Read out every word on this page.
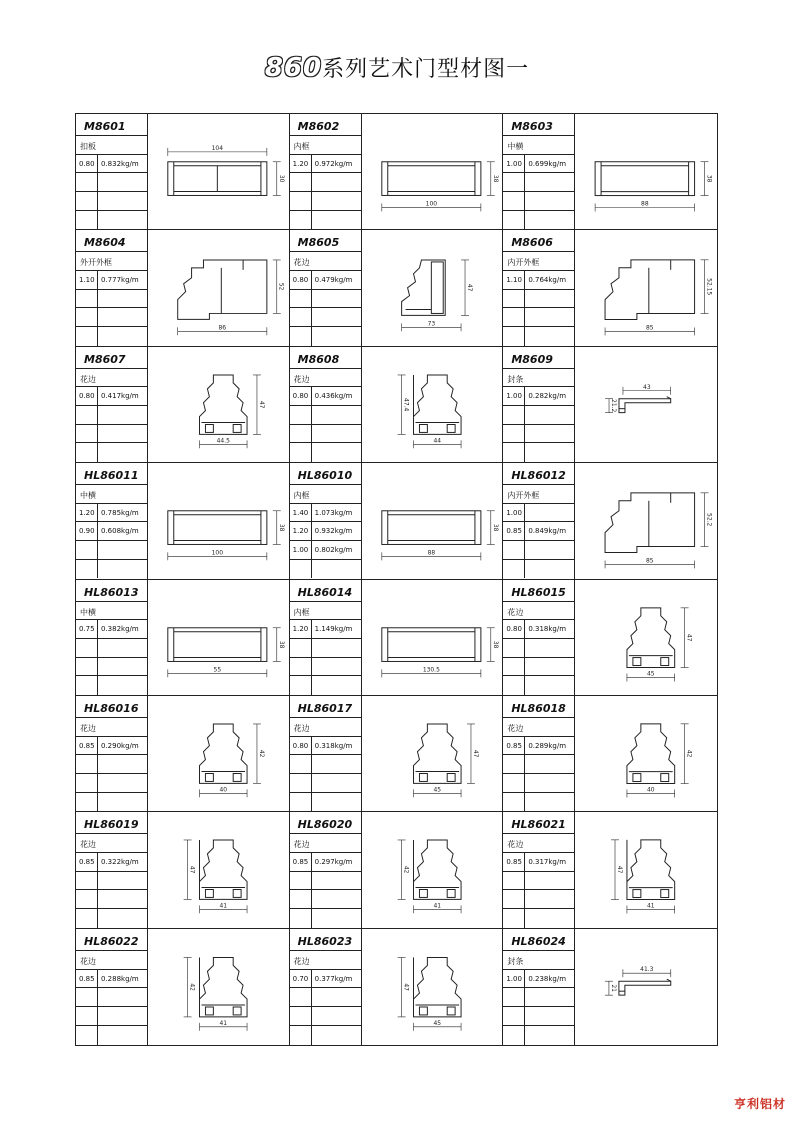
860系列艺术门型材图一
M8601
扣板
0.80 0.832kg/m
104
30
M8602
内框
1.20 0.972kg/m
100
38
M8603
中横
1.00 0.699kg/m
88
38
M8604
外开外框
1.10 0.777kg/m
86
52
M8605
花边
0.80 0.479kg/m
73
47
M8606
内开外框
1.10 0.764kg/m
85
52.15
M8607
花边
0.80 0.417kg/m
44.5
47
M8608
花边
0.80 0.436kg/m
44
47.4
M8609
封条
1.00 0.282kg/m
43
21.2
HL86011
中横
1.20 0.785kg/m
0.90 0.608kg/m
100
38
HL86010
内框
1.40 1.073kg/m
1.20 0.932kg/m
1.00 0.802kg/m	88
38
HL86012
内开外框
1.00
0.85 0.849kg/m
85
52.2
HL86013
中横
0.75 0.382kg/m
55
38
HL86014
内框
1.20 1.149kg/m
130.5
38
HL86015
花边
0.80 0.318kg/m
45
47
HL86016
花边
0.85 0.290kg/m
40
42
HL86017
花边
0.80 0.318kg/m
45
47
HL86018
花边
0.85 0.289kg/m
40
42
HL86019
花边
0.85 0.322kg/m
41
47
HL86020
花边
0.85 0.297kg/m
41
42
HL86021
花边
0.85 0.317kg/m
41
47
HL86022
花边
0.85 0.288kg/m
41
42
HL86023
花边
0.70 0.377kg/m
45
47
HL86024
封条
1.00 0.238kg/m
41.3
21
亨利铝材
